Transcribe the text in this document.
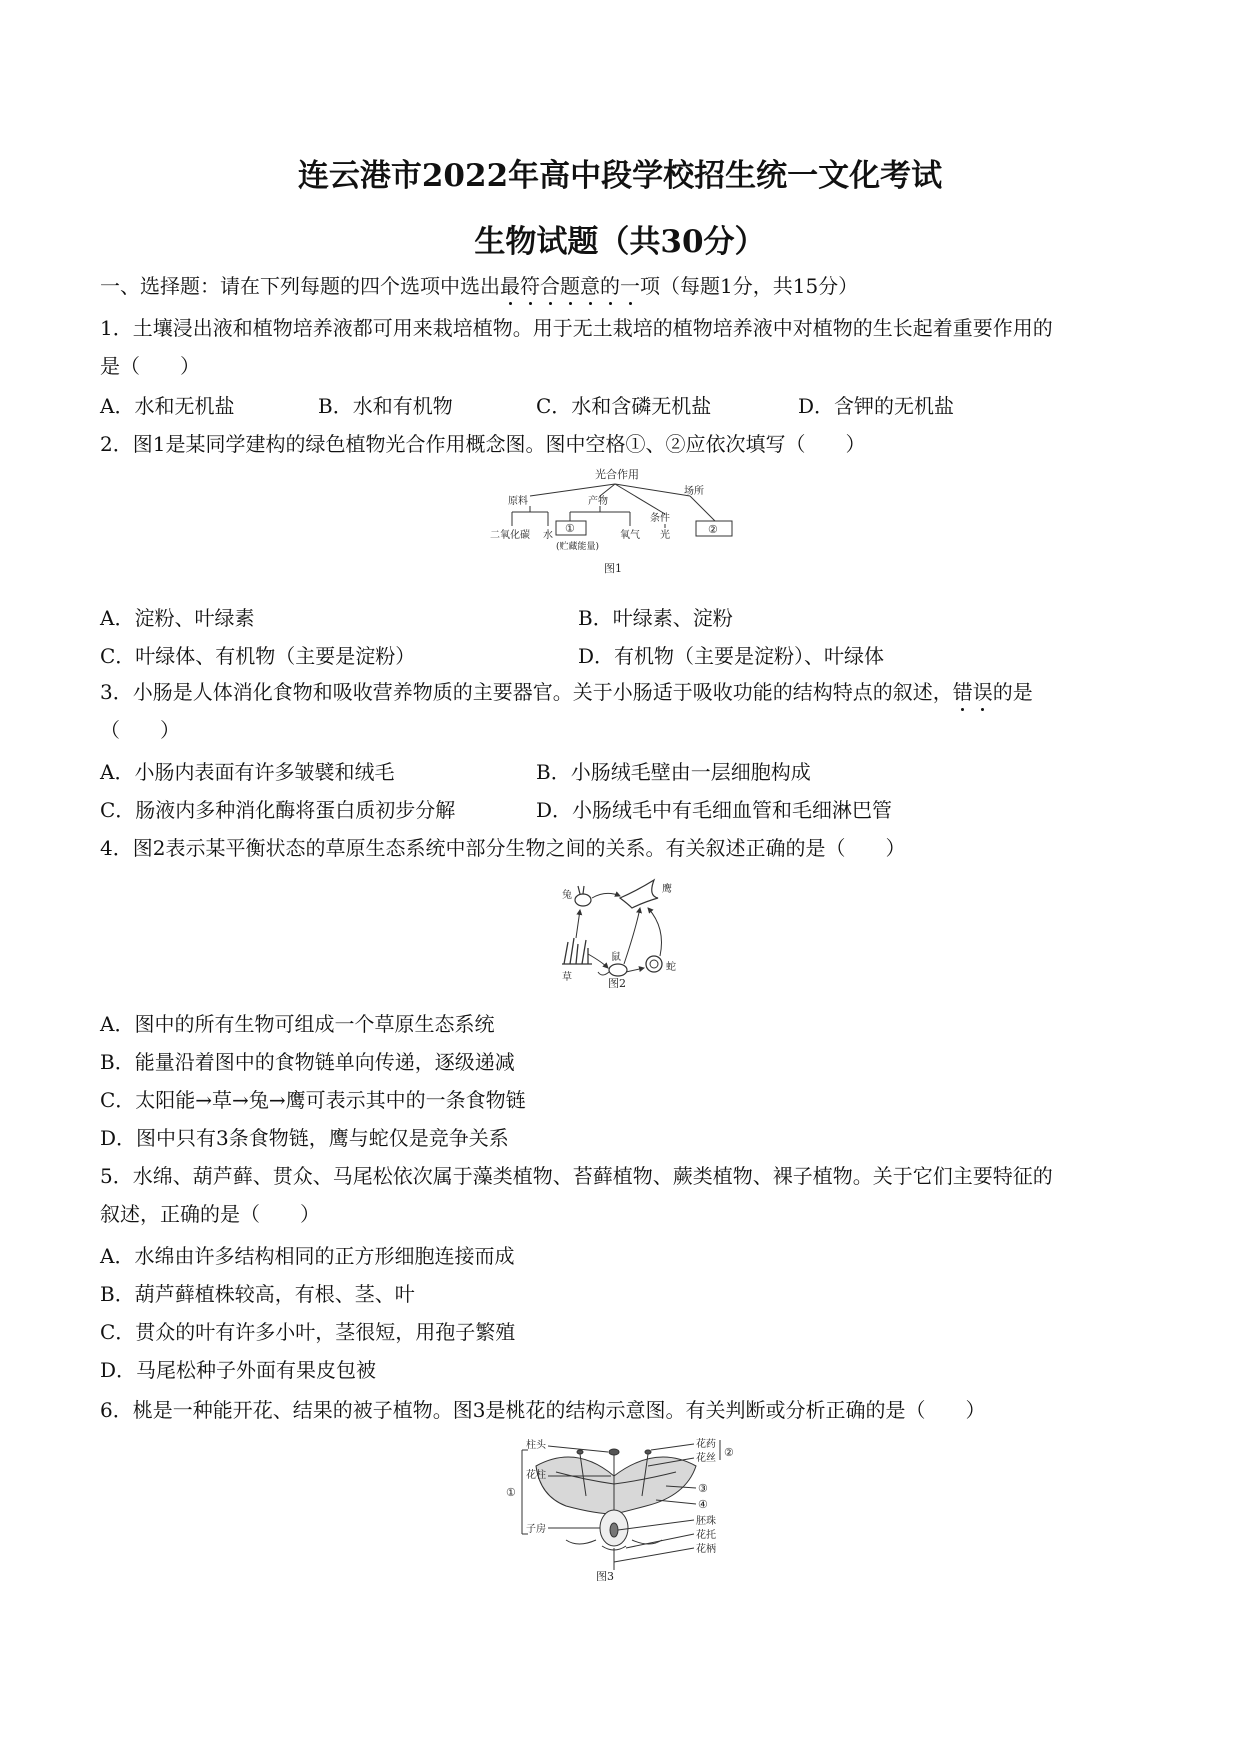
连云港市2022年高中段学校招生统一文化考试
生物试题（共30分）
一、选择题：请在下列每题的四个选项中选出最符合题意的一项（每题1分，共15分）
1．土壤浸出液和植物培养液都可用来栽培植物。用于无土栽培的植物培养液中对植物的生长起着重要作用的
是（　　）
A．水和无机盐	B．水和有机物	C．水和含磷无机盐	D．含钾的无机盐
2．图1是某同学建构的绿色植物光合作用概念图。图中空格①、②应依次填写（　　）
光合作用
原料	产物
条件
场所
二氧化碳 水
①
(贮藏能量)
氧气 光	②
图1
A．淀粉、叶绿素	B．叶绿素、淀粉
C．叶绿体、有机物（主要是淀粉）	D．有机物（主要是淀粉）、叶绿体
3．小肠是人体消化食物和吸收营养物质的主要器官。关于小肠适于吸收功能的结构特点的叙述，错误的是
（　　）
A．小肠内表面有许多皱襞和绒毛	B．小肠绒毛壁由一层细胞构成
C．肠液内多种消化酶将蛋白质初步分解	D．小肠绒毛中有毛细血管和毛细淋巴管
4．图2表示某平衡状态的草原生态系统中部分生物之间的关系。有关叙述正确的是（　　）
兔
鹰
草
鼠
蛇
图2
A．图中的所有生物可组成一个草原生态系统
B．能量沿着图中的食物链单向传递，逐级递减
C．太阳能→草→兔→鹰可表示其中的一条食物链
D．图中只有3条食物链，鹰与蛇仅是竞争关系
5．水绵、葫芦藓、贯众、马尾松依次属于藻类植物、苔藓植物、蕨类植物、裸子植物。关于它们主要特征的
叙述，正确的是（　　）
A．水绵由许多结构相同的正方形细胞连接而成
B．葫芦藓植株较高，有根、茎、叶
C．贯众的叶有许多小叶，茎很短，用孢子繁殖
D．马尾松种子外面有果皮包被
6．桃是一种能开花、结果的被子植物。图3是桃花的结构示意图。有关判断或分析正确的是（　　）
柱头
花柱
子房
①
花药
花丝 ②
③
④
胚珠
花托
花柄
图3
